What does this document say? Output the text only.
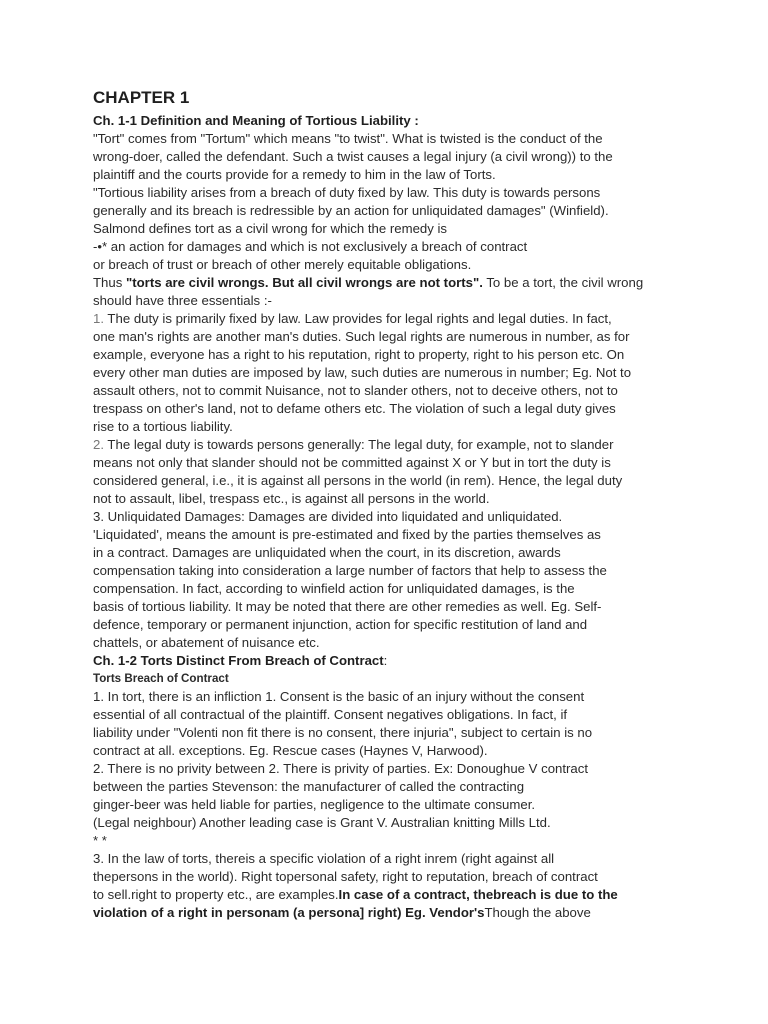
CHAPTER 1
Ch. 1-1 Definition and Meaning of Tortious Liability :
"Tort" comes from "Tortum" which means "to twist". What is twisted is the conduct of the
wrong-doer, called the defendant. Such a twist causes a legal injury (a civil wrong)) to the
plaintiff and the courts provide for a remedy to him in the law of Torts.
"Tortious liability arises from a breach of duty fixed by law. This duty is towards persons
generally and its breach is redressible by an action for unliquidated damages" (Winfield).
Salmond defines tort as a civil wrong for which the remedy is
-•* an action for damages and which is not exclusively a breach of contract
or breach of trust or breach of other merely equitable obligations.
Thus "torts are civil wrongs. But all civil wrongs are not torts". To be a tort, the civil wrong
should have three essentials :-
1. The duty is primarily fixed by law. Law provides for legal rights and legal duties. In fact,
one man's rights are another man's duties. Such legal rights are numerous in number, as for
example, everyone has a right to his reputation, right to property, right to his person etc. On
every other man duties are imposed by law, such duties are numerous in number; Eg. Not to
assault others, not to commit Nuisance, not to slander others, not to deceive others, not to
trespass on other's land, not to defame others etc. The violation of such a legal duty gives
rise to a tortious liability.
2. The legal duty is towards persons generally: The legal duty, for example, not to slander
means not only that slander should not be committed against X or Y but in tort the duty is
considered general, i.e., it is against all persons in the world (in rem). Hence, the legal duty
not to assault, libel, trespass etc., is against all persons in the world.
3. Unliquidated Damages: Damages are divided into liquidated and unliquidated.
'Liquidated', means the amount is pre-estimated and fixed by the parties themselves as
in a contract. Damages are unliquidated when the court, in its discretion, awards
compensation taking into consideration a large number of factors that help to assess the
compensation. In fact, according to winfield action for unliquidated damages, is the
basis of tortious liability. It may be noted that there are other remedies as well. Eg. Self-
defence, temporary or permanent injunction, action for specific restitution of land and
chattels, or abatement of nuisance etc.
Ch. 1-2 Torts Distinct From Breach of Contract:
Torts Breach of Contract
1. In tort, there is an infliction 1. Consent is the basic of an injury without the consent
essential of all contractual of the plaintiff. Consent negatives obligations. In fact, if
liability under "Volenti non fit there is no consent, there injuria", subject to certain is no
contract at all. exceptions. Eg. Rescue cases (Haynes V, Harwood).
2. There is no privity between 2. There is privity of parties. Ex: Donoughue V contract
between the parties Stevenson: the manufacturer of called the contracting
ginger-beer was held liable for parties, negligence to the ultimate consumer.
(Legal neighbour) Another leading case is Grant V. Australian knitting Mills Ltd.
* *
3. In the law of torts, thereis a specific violation of a right inrem (right against all
thepersons in the world). Right topersonal safety, right to reputation, breach of contract
to sell.right to property etc., are examples.In case of a contract, thebreach is due to the
violation of a right in personam (a persona] right) Eg. Vendor'sThough the above
